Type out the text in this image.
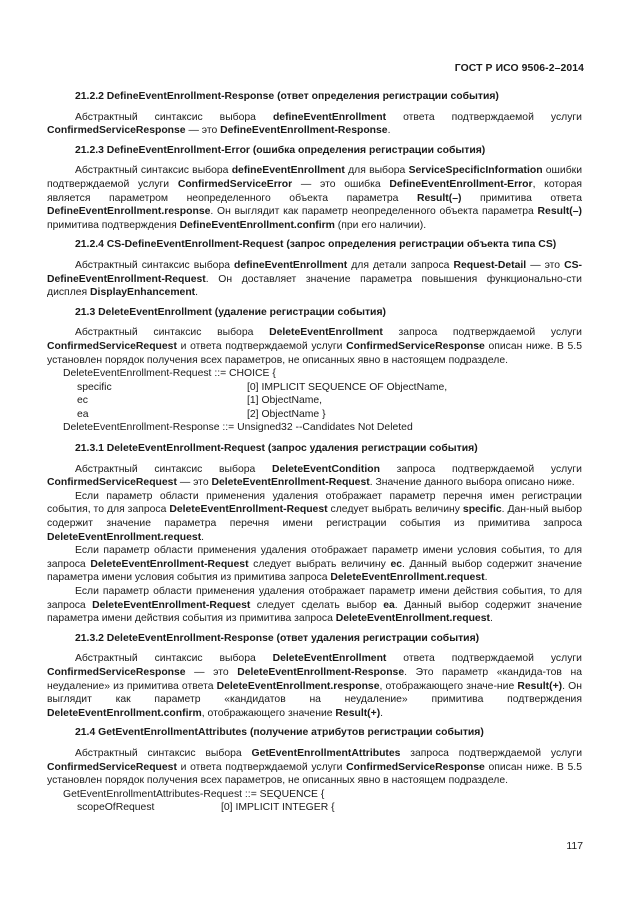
ГОСТ Р ИСО 9506-2–2014
21.2.2 DefineEventEnrollment-Response (ответ определения регистрации события)
Абстрактный синтаксис выбора defineEventEnrollment ответа подтверждаемой услуги ConfirmedServiceResponse — это DefineEventEnrollment-Response.
21.2.3 DefineEventEnrollment-Error (ошибка определения регистрации события)
Абстрактный синтаксис выбора defineEventEnrollment для выбора ServiceSpecificInformation ошибки подтверждаемой услуги ConfirmedServiceError — это ошибка DefineEventEnrollment-Error, которая является параметром неопределенного объекта параметра Result(–) примитива ответа DefineEventEnrollment.response. Он выглядит как параметр неопределенного объекта параметра Result(–) примитива подтверждения DefineEventEnrollment.confirm (при его наличии).
21.2.4 CS-DefineEventEnrollment-Request (запрос определения регистрации объекта типа CS)
Абстрактный синтаксис выбора defineEventEnrollment для детали запроса Request-Detail — это CS-DefineEventEnrollment-Request. Он доставляет значение параметра повышения функционально-сти дисплея DisplayEnhancement.
21.3 DeleteEventEnrollment (удаление регистрации события)
Абстрактный синтаксис выбора DeleteEventEnrollment запроса подтверждаемой услуги ConfirmedServiceRequest и ответа подтверждаемой услуги ConfirmedServiceResponse описан ниже. В 5.5 установлен порядок получения всех параметров, не описанных явно в настоящем подразделе.
DeleteEventEnrollment-Request ::= CHOICE {
specific	[0] IMPLICIT SEQUENCE OF ObjectName,
ec	[1] ObjectName,
ea	[2] ObjectName }
DeleteEventEnrollment-Response ::= Unsigned32 --Candidates Not Deleted
21.3.1 DeleteEventEnrollment-Request (запрос удаления регистрации события)
Абстрактный синтаксис выбора DeleteEventCondition запроса подтверждаемой услуги ConfirmedServiceRequest — это DeleteEventEnrollment-Request. Значение данного выбора описано ниже.
Если параметр области применения удаления отображает параметр перечня имен регистрации события, то для запроса DeleteEventEnrollment-Request следует выбрать величину specific. Дан-ный выбор содержит значение параметра перечня имени регистрации события из примитива запроса DeleteEventEnrollment.request.
Если параметр области применения удаления отображает параметр имени условия события, то для запроса DeleteEventEnrollment-Request следует выбрать величину ec. Данный выбор содержит значение параметра имени условия события из примитива запроса DeleteEventEnrollment.request.
Если параметр области применения удаления отображает параметр имени действия события, то для запроса DeleteEventEnrollment-Request следует сделать выбор ea. Данный выбор содержит значение параметра имени действия события из примитива запроса DeleteEventEnrollment.request.
21.3.2 DeleteEventEnrollment-Response (ответ удаления регистрации события)
Абстрактный синтаксис выбора DeleteEventEnrollment ответа подтверждаемой услуги ConfirmedServiceResponse — это DeleteEventEnrollment-Response. Это параметр «кандида-тов на неудаление» из примитива ответа DeleteEventEnrollment.response, отображающего значе-ние Result(+). Он выглядит как параметр «кандидатов на неудаление» примитива подтверждения DeleteEventEnrollment.confirm, отображающего значение Result(+).
21.4 GetEventEnrollmentAttributes (получение атрибутов регистрации события)
Абстрактный синтаксис выбора GetEventEnrollmentAttributes запроса подтверждаемой услуги ConfirmedServiceRequest и ответа подтверждаемой услуги ConfirmedServiceResponse описан ниже. В 5.5 установлен порядок получения всех параметров, не описанных явно в настоящем подразделе.
GetEventEnrollmentAttributes-Request ::= SEQUENCE {
scopeOfRequest	[0] IMPLICIT INTEGER {
117
